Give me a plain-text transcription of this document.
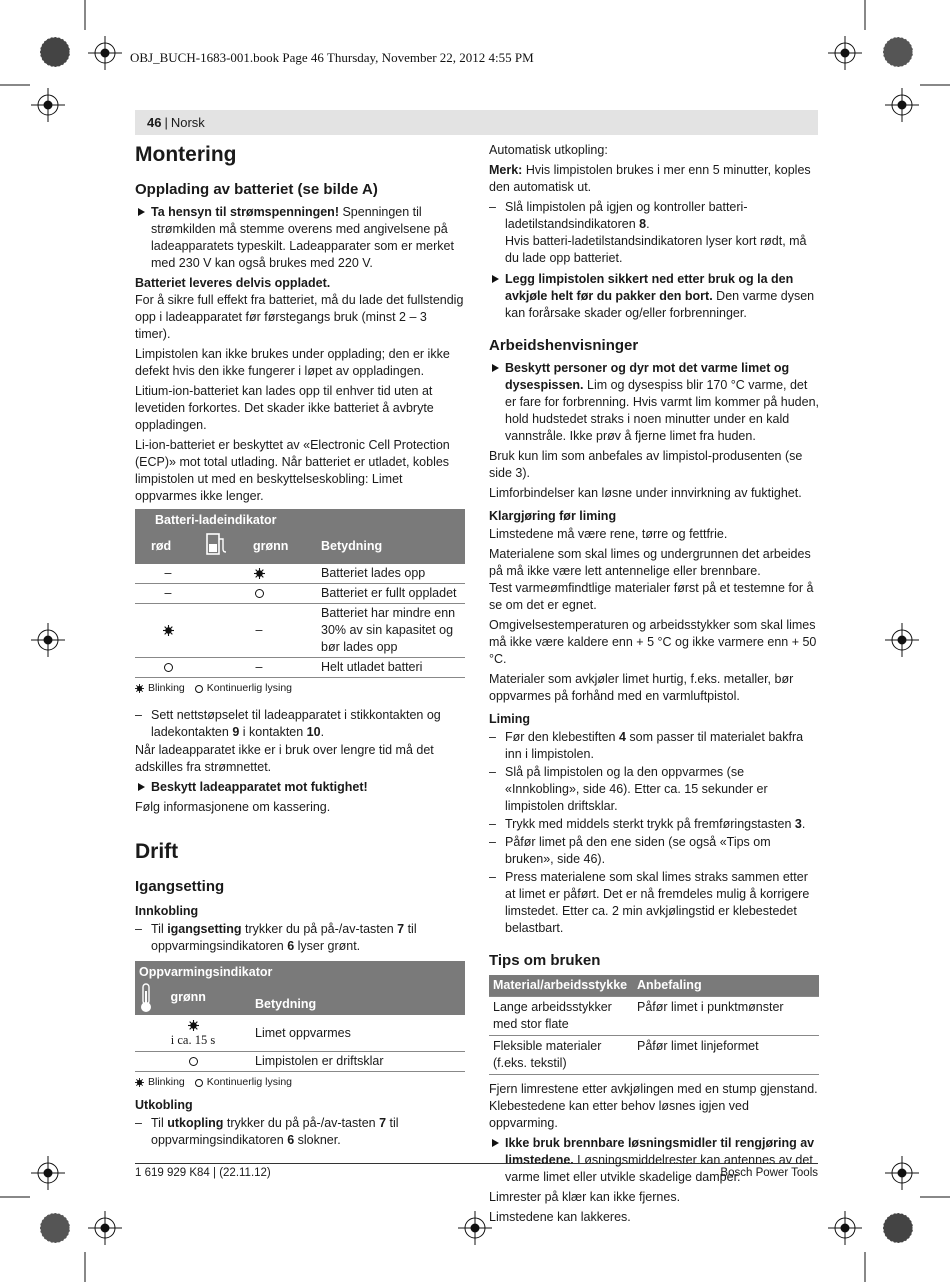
OBJ_BUCH-1683-001.book Page 46 Thursday, November 22, 2012 4:55 PM
46 | Norsk
Montering
Opplading av batteriet (se bilde A)
Ta hensyn til strømspenningen! Spenningen til strømkilden må stemme overens med angivelsene på ladeapparatets typeskilt. Ladeapparater som er merket med 230 V kan også brukes med 220 V.

Batteriet leveres delvis oppladet.
For å sikre full effekt fra batteriet, må du lade det fullstendig opp i ladeapparatet før førstegangs bruk (minst 2 – 3 timer).

Limpistolen kan ikke brukes under opplading; den er ikke defekt hvis den ikke fungerer i løpet av oppladingen.

Litium-ion-batteriet kan lades opp til enhver tid uten at levetiden forkortes. Det skader ikke batteriet å avbryte oppladingen.

Li-ion-batteriet er beskyttet av «Electronic Cell Protection (ECP)» mot total utlading. Når batteriet er utladet, kobles limpistolen ut med en beskyttelseskobling: Limet oppvarmes ikke lenger.

Batteri-ladeindikator			
rød		grønn	Betydning
–			Batteriet lades opp
–			Batteriet er fullt oppladet
	–		Batteriet har mindre enn 30% av sin kapasitet og bør lades opp
	–		Helt utladet batteri
Blinking Kontinuerlig lysing
– Sett nettstøpselet til ladeapparatet i stikkontakten og ladekontakten 9 i kontakten 10.

Når ladeapparatet ikke er i bruk over lengre tid må det adskilles fra strømnettet.

Beskytt ladeapparatet mot fuktighet!

Følg informasjonene om kassering.

Drift
Igangsetting
Innkobling
– Til igangsetting trykker du på på-/av-tasten 7 til oppvarmingsindikatoren 6 lyser grønt.
Oppvarmingsindikator	
grønn	Betydning

i ca. 15 s	Limet oppvarmes
	Limpistolen er driftsklar
Blinking Kontinuerlig lysing
Utkobling
– Til utkopling trykker du på på-/av-tasten 7 til oppvarmingsindikatoren 6 slokner.

Automatisk utkopling:

Merk: Hvis limpistolen brukes i mer enn 5 minutter, koples den automatisk ut.

– Slå limpistolen på igjen og kontroller batteri-ladetilstandsindikatoren 8.
Hvis batteri-ladetilstandsindikatoren lyser kort rødt, må du lade opp batteriet.
Legg limpistolen sikkert ned etter bruk og la den avkjøle helt før du pakker den bort. Den varme dysen kan forårsake skader og/eller forbrenninger.
Arbeidshenvisninger
Beskytt personer og dyr mot det varme limet og dysespissen. Lim og dysespiss blir 170 °C varme, det er fare for forbrenning. Hvis varmt lim kommer på huden, hold hudstedet straks i noen minutter under en kald vannstråle. Ikke prøv å fjerne limet fra huden.

Bruk kun lim som anbefales av limpistol-produsenten (se side 3).

Limforbindelser kan løsne under innvirkning av fuktighet.

Klargjøring før liming

Limstedene må være rene, tørre og fettfrie.

Materialene som skal limes og undergrunnen det arbeides på må ikke være lett antennelige eller brennbare.
Test varmeømfindtlige materialer først på et testemne for å se om det er egnet.

Omgivelsestemperaturen og arbeidsstykker som skal limes må ikke være kaldere enn + 5 °C og ikke varmere enn + 50 °C.

Materialer som avkjøler limet hurtig, f.eks. metaller, bør oppvarmes på forhånd med en varmluftpistol.

Liming
– Før den klebestiften 4 som passer til materialet bakfra inn i limpistolen.
– Slå på limpistolen og la den oppvarmes (se «Innkobling», side 46). Etter ca. 15 sekunder er limpistolen driftsklar.
– Trykk med middels sterkt trykk på fremføringstasten 3.
– Påfør limet på den ene siden (se også «Tips om bruken», side 46).
– Press materialene som skal limes straks sammen etter at limet er påført. Det er nå fremdeles mulig å korrigere limstedet. Etter ca. 2 min avkjølingstid er klebestedet belastbart.
Tips om bruken
Material/arbeidsstykke	Anbefaling
Lange arbeidsstykker med stor flate	Påfør limet i punktmønster
Fleksible materialer (f.eks. tekstil)	Påfør limet linjeformet

Fjern limrestene etter avkjølingen med en stump gjenstand. Klebestedene kan etter behov løsnes igjen ved oppvarming.

Ikke bruk brennbare løsningsmidler til rengjøring av limstedene. Løsningsmiddelrester kan antennes av det varme limet eller utvikle skadelige damper.

Limrester på klær kan ikke fjernes.

Limstedene kan lakkeres.

1 619 929 K84 | (22.11.12)	Bosch Power Tools
